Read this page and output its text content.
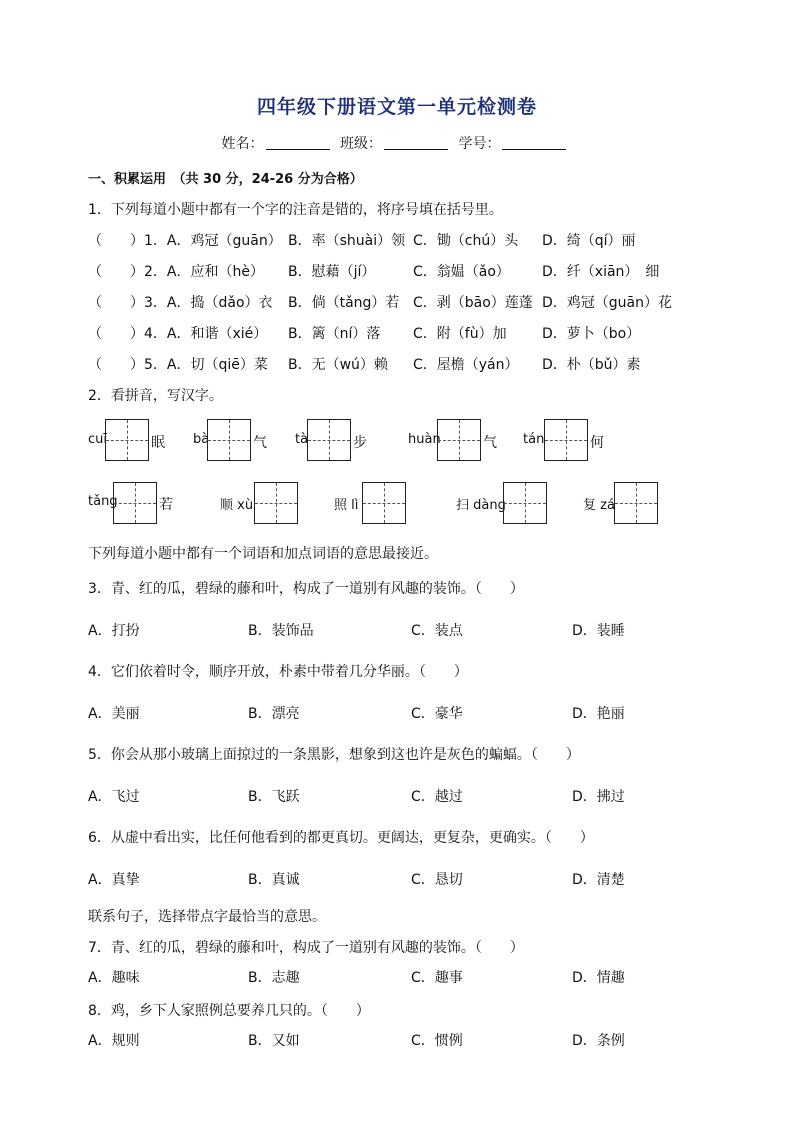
四年级下册语文第一单元检测卷
姓名：	班级：	学号：
一、积累运用　（共 30 分，24-26 分为合格）
1．下列每道小题中都有一个字的注音是错的，将序号填在括号里。
（　　）1．A．鸡冠（guān） B．率（shuài）领 C．锄（chú）头 D．绮（qí）丽
（　　）2．A．应和（hè） B．慰藉（jí）	C．翁媪（ǎo） D．纤（xiān）　细
（　　）3．A．捣（dǎo）衣 B．倘（tǎng）若 C．剥（bāo）莲蓬 D．鸡冠（guān）花
（　　）4．A．和谐（xié） B．篱（ní）落 C．附（fù）加	D．萝卜（bo）
（　　）5．A．切（qiē）菜 B．无（wú）赖 C．屋檐（yán） D．朴（bǔ）素
2．看拼音，写汉字。
cuī	眠 bà	气 tà	步	huàn	气 tán	何
tǎng	若	顺 xù	照 lì	扫 dàng	复 zá
下列每道小题中都有一个词语和加点词语的意思最接近。
3．青、红的瓜，碧绿的藤和叶，构成了一道别有风趣的装饰。（　　）
A．打扮	B．装饰品	C．装点	D．装睡
4．它们依着时令，顺序开放，朴素中带着几分华丽。（　　）
A．美丽	B．漂亮	C．豪华	D．艳丽
5．你会从那小玻璃上面掠过的一条黑影，想象到这也许是灰色的蝙蝠。（　　）
A．飞过	B．飞跃	C．越过	D．拂过
6．从虚中看出实，比任何他看到的都更真切。更阔达，更复杂，更确实。（　　）
A．真挚	B．真诚	C．恳切	D．清楚
联系句子，选择带点字最恰当的意思。
7．青、红的瓜，碧绿的藤和叶，构成了一道别有风趣的装饰。（　　）
A．趣味	B．志趣	C．趣事	D．情趣
8．鸡，乡下人家照例总要养几只的。（　　）
A．规则	B．又如	C．惯例	D．条例
